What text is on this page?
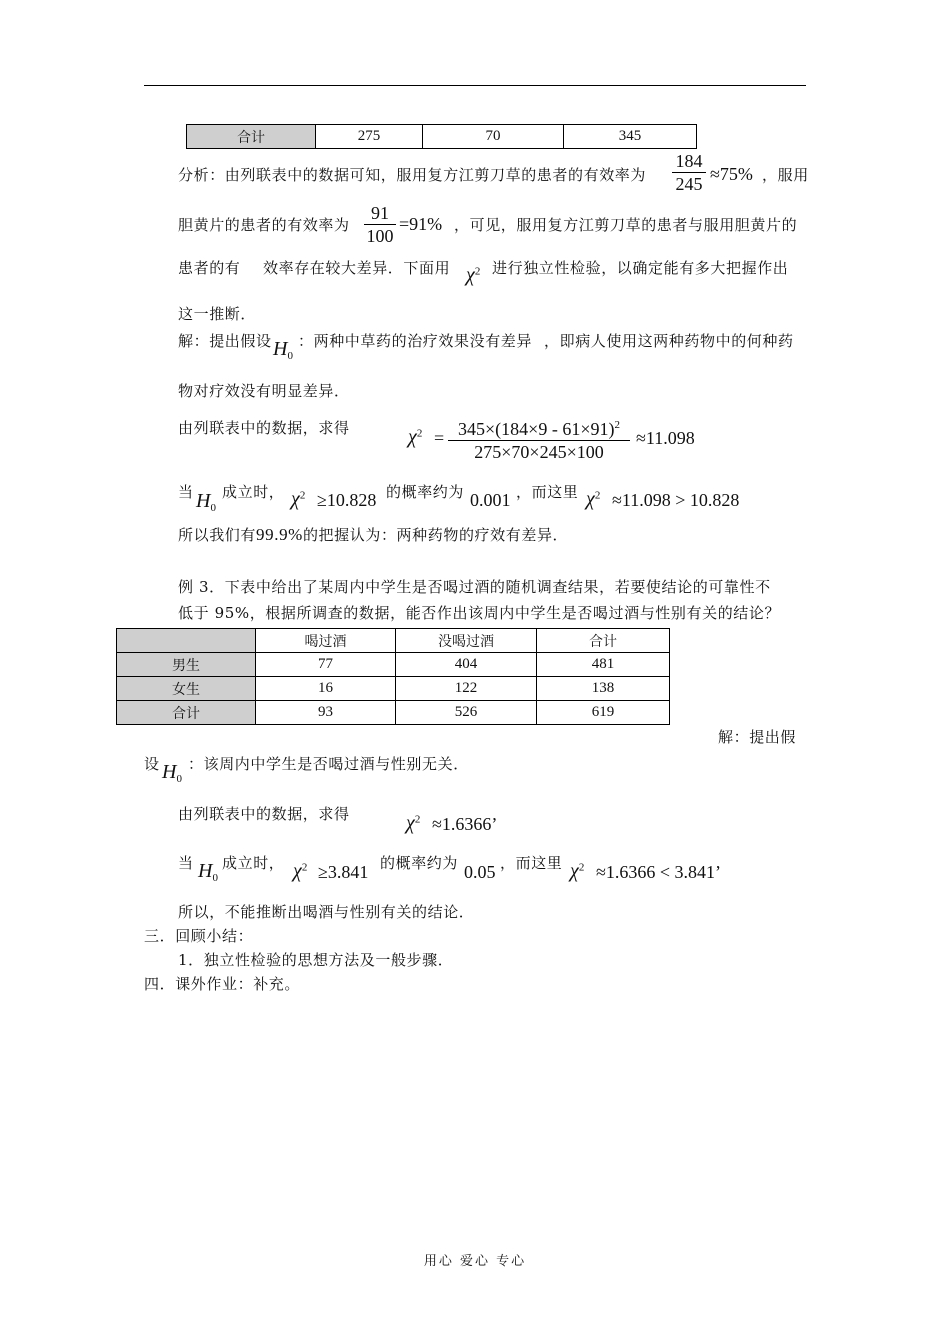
合计	275	70	345
分析：由列联表中的数据可知，服用复方江剪刀草的患者的有效率为 $\frac{184}{245} \approx 75\%$ ，服用
胆黄片的患者的有效率为 $\frac{91}{100} =91\%$ ，可见，服用复方江剪刀草的患者与服用胆黄片的
患者的有 效率存在较大差异．下面用 $\chi^2$ 进行独立性检验，以确定能有多大把握作出
这一推断．
解：提出假设 $H_0$
：两种中草药的治疗效果没有差异 ，即病人使用这两种药物中的何种药
物对疗效没有明显差异．
由列联表中的数据，求得	$\chi^2 = \frac{345\times(184\times 9 - 61\times 91)^2}{275\times 70\times 245\times 100} \approx 11.098$
当 $H_0$
成立时， $\chi^2 \ge 10.828$ 的概率约为 0.001 ，而这里 $\chi^2 \approx 11.098 > 10.828$
所以我们有99.9%的把握认为：两种药物的疗效有差异．
例 3．下表中给出了某周内中学生是否喝过酒的随机调查结果，若要使结论的可靠性不
低于 95%，根据所调查的数据，能否作出该周内中学生是否喝过酒与性别有关的结论？
	喝过酒	没喝过酒	合计
男生	77	404	481
女生	16	122	138
合计	93	526	619
解：提出假
设 $H_0$
：该周内中学生是否喝过酒与性别无关．
由列联表中的数据，求得	$\chi^2 \approx 1.6366$’
当 $H_0$
成立时， $\chi^2 \ge 3.841$ 的概率约为 0.05 ，而这里 $\chi^2 \approx 1.6366 < 3.841$’
所以，不能推断出喝酒与性别有关的结论．
三．回顾小结：
1．独立性检验的思想方法及一般步骤．
四．课外作业：补充。
用心 爱心 专心
